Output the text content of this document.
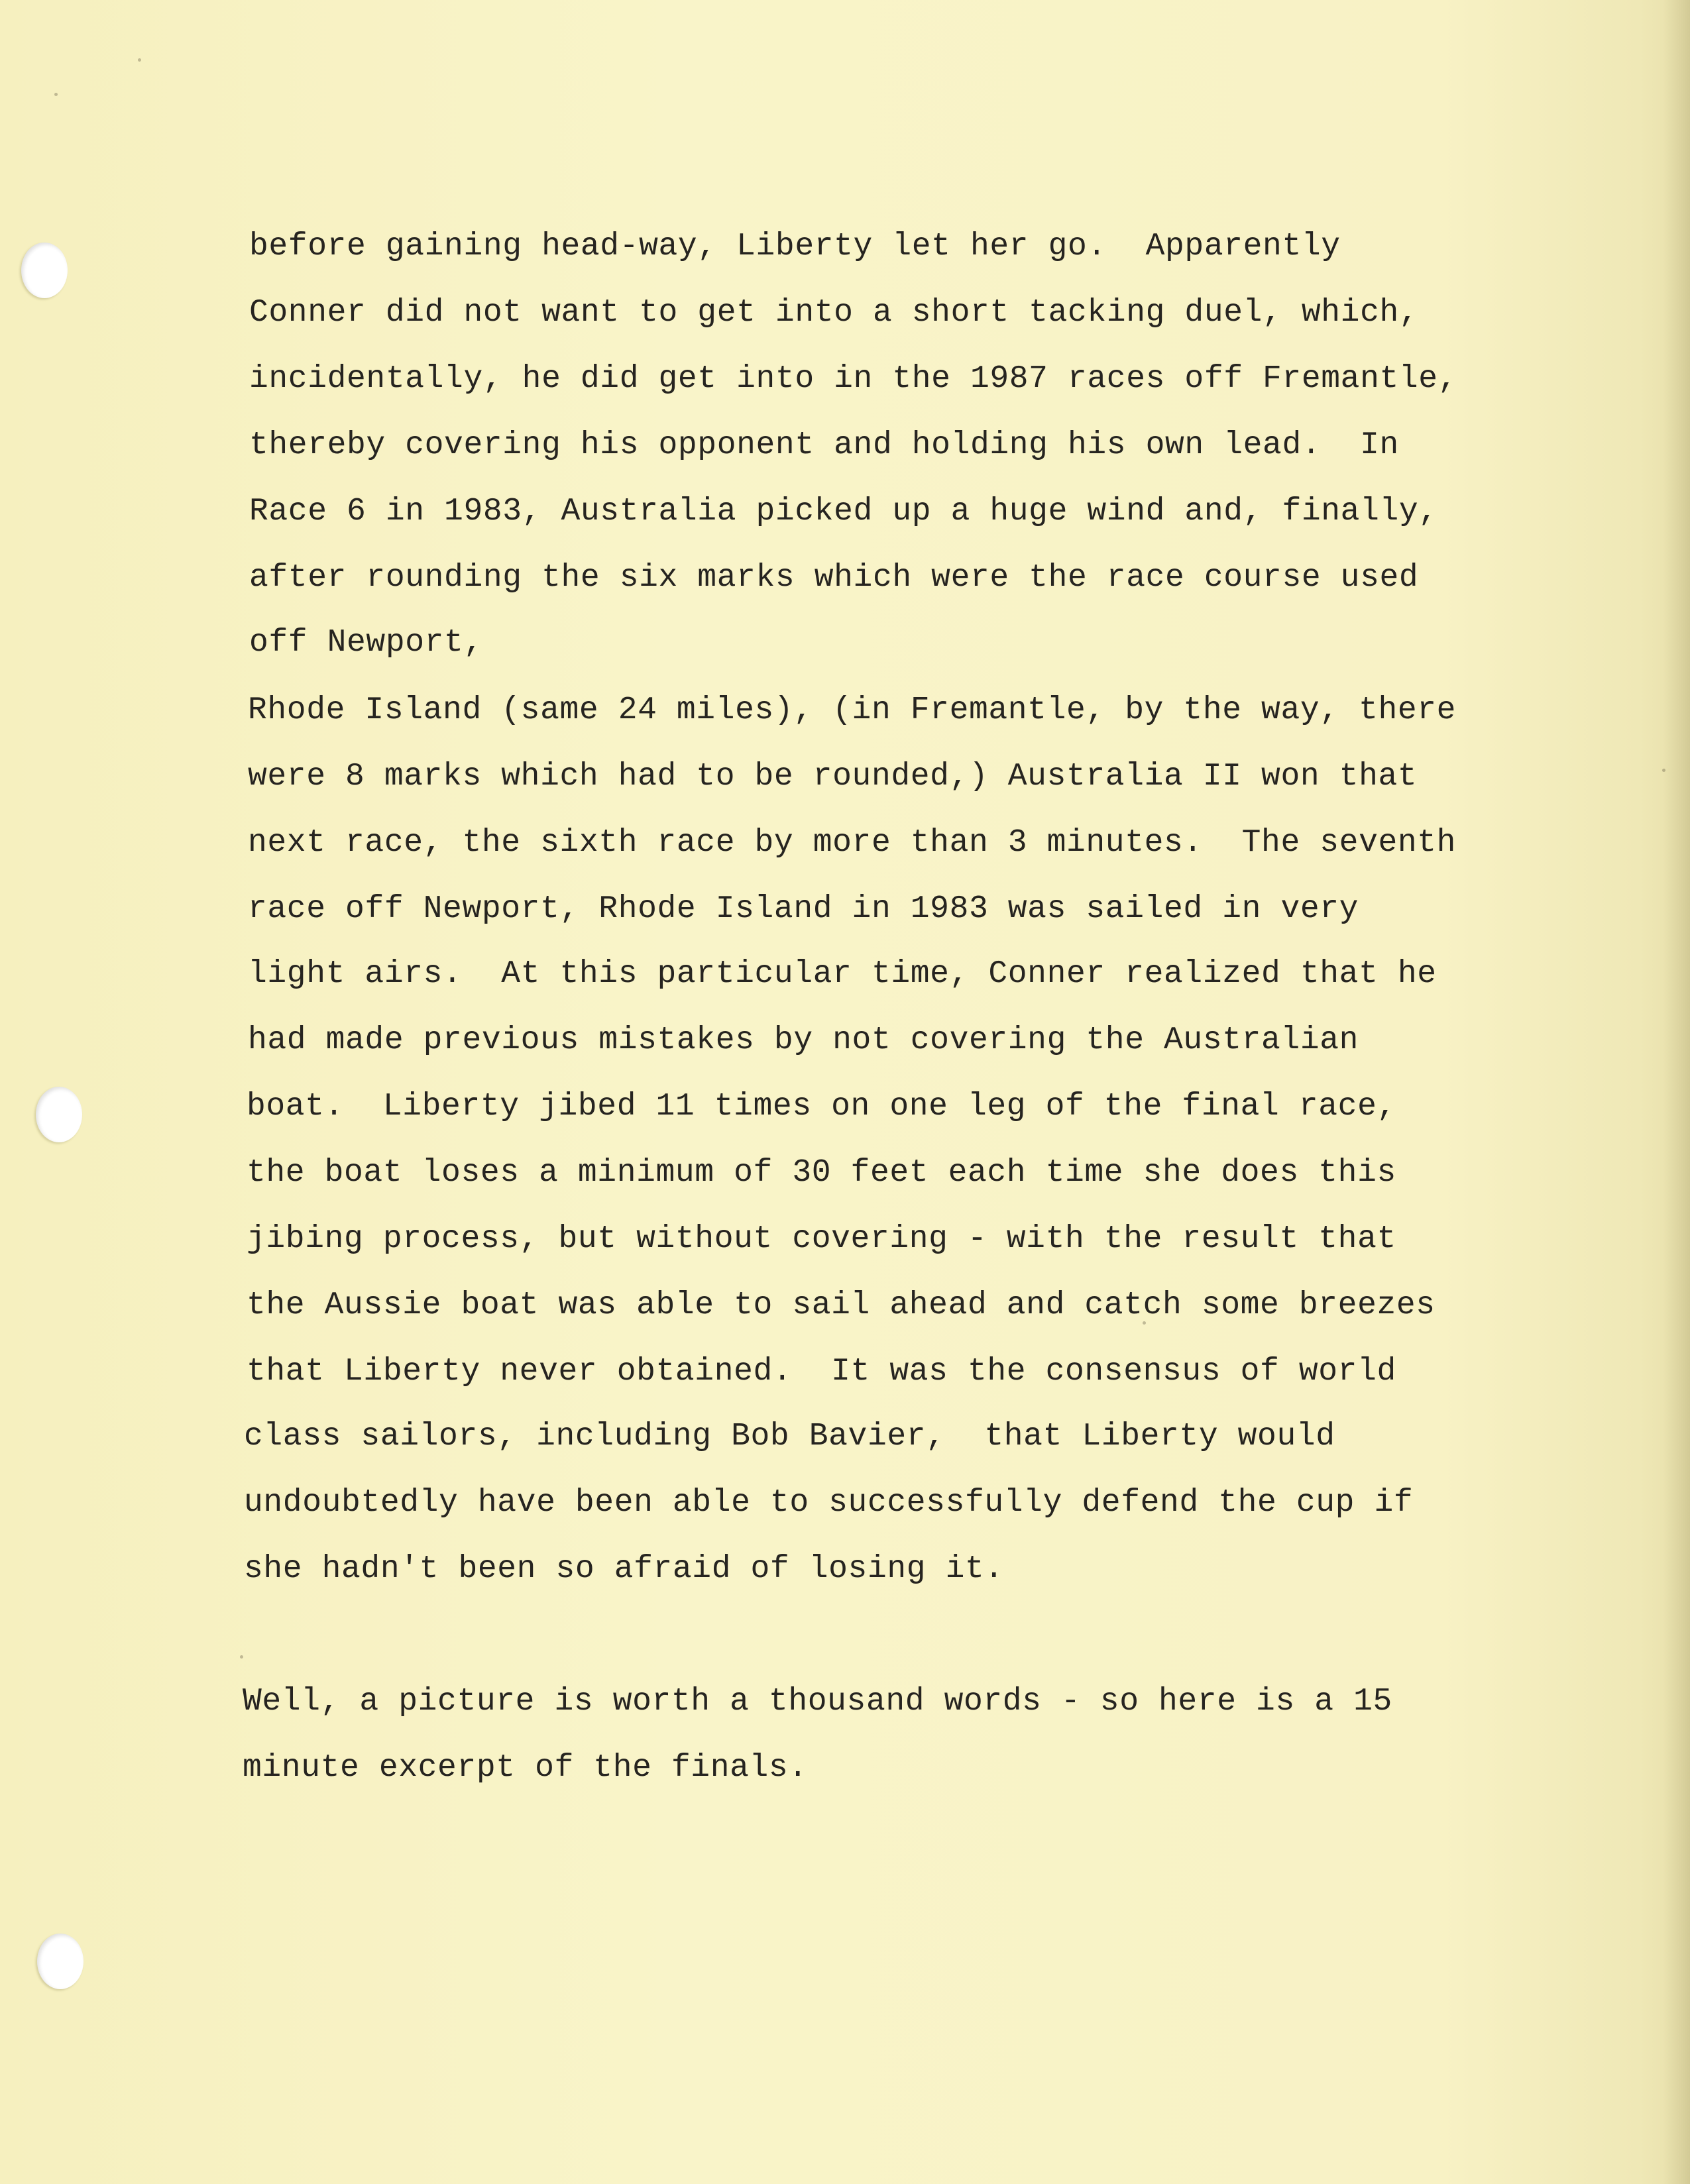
before gaining head-way, Liberty let her go.  Apparently
Conner did not want to get into a short tacking duel, which,
incidentally, he did get into in the 1987 races off Fremantle,
thereby covering his opponent and holding his own lead.  In
Race 6 in 1983, Australia picked up a huge wind and, finally,
after rounding the six marks which were the race course used
off Newport,
Rhode Island (same 24 miles), (in Fremantle, by the way, there
were 8 marks which had to be rounded,) Australia II won that
next race, the sixth race by more than 3 minutes.  The seventh
race off Newport, Rhode Island in 1983 was sailed in very
light airs.  At this particular time, Conner realized that he
had made previous mistakes by not covering the Australian
boat.  Liberty jibed 11 times on one leg of the final race,
the boat loses a minimum of 30 feet each time she does this
jibing process, but without covering - with the result that
the Aussie boat was able to sail ahead and catch some breezes
that Liberty never obtained.  It was the consensus of world
class sailors, including Bob Bavier,  that Liberty would
undoubtedly have been able to successfully defend the cup if
she hadn't been so afraid of losing it.
Well, a picture is worth a thousand words - so here is a 15
minute excerpt of the finals.
